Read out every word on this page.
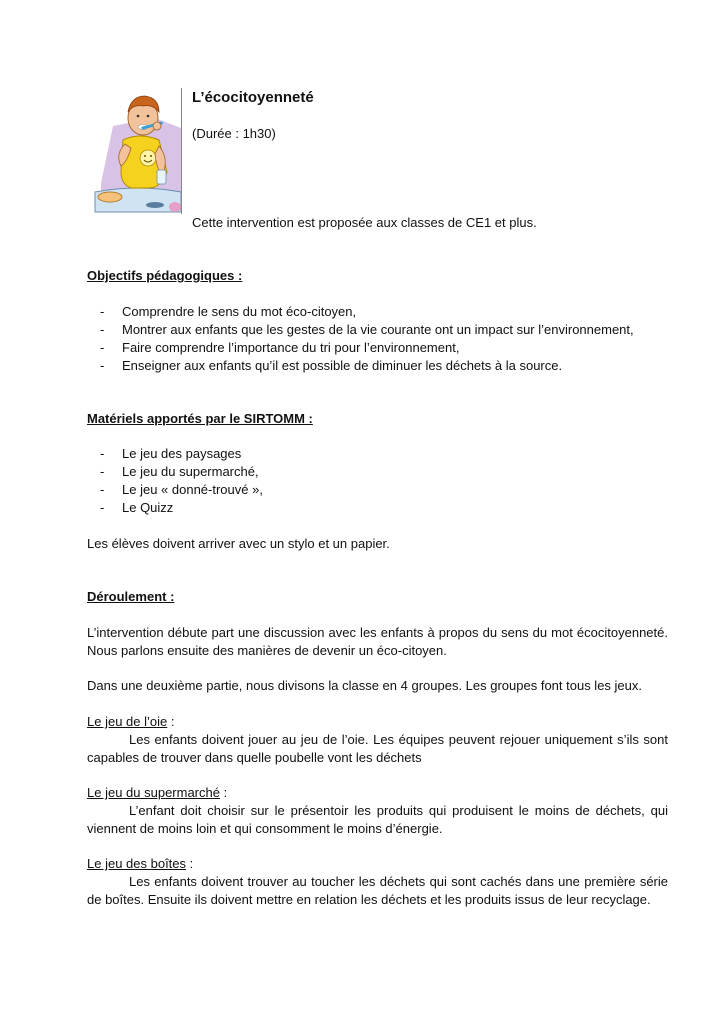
L’écocitoyenneté
(Durée : 1h30)
Cette intervention est proposée aux classes de CE1 et plus.
Objectifs pédagogiques :
- Comprendre le sens du mot éco-citoyen,
- Montrer aux enfants que les gestes de la vie courante ont un impact sur l’environnement,
- Faire comprendre l’importance du tri pour l’environnement,
- Enseigner aux enfants qu’il est possible de diminuer les déchets à la source.
Matériels apportés par le SIRTOMM :
- Le jeu des paysages
- Le jeu du supermarché,
- Le jeu « donné-trouvé »,
- Le Quizz
Les élèves doivent arriver avec un stylo et un papier.
Déroulement :
L’intervention débute part une discussion avec les enfants à propos du sens du mot écocitoyenneté. Nous parlons ensuite des manières de devenir un éco-citoyen.
Dans une deuxième partie, nous divisons la classe en 4 groupes. Les groupes font tous les jeux.
Le jeu de l’oie :
Les enfants doivent jouer au jeu de l’oie. Les équipes peuvent rejouer uniquement s’ils sont capables de trouver dans quelle poubelle vont les déchets
Le jeu du supermarché :
L’enfant doit choisir sur le présentoir les produits qui produisent le moins de déchets, qui viennent de moins loin et qui consomment le moins d’énergie.
Le jeu des boîtes :
Les enfants doivent trouver au toucher les déchets qui sont cachés dans une première série de boîtes. Ensuite ils doivent mettre en relation les déchets et les produits issus de leur recyclage.
